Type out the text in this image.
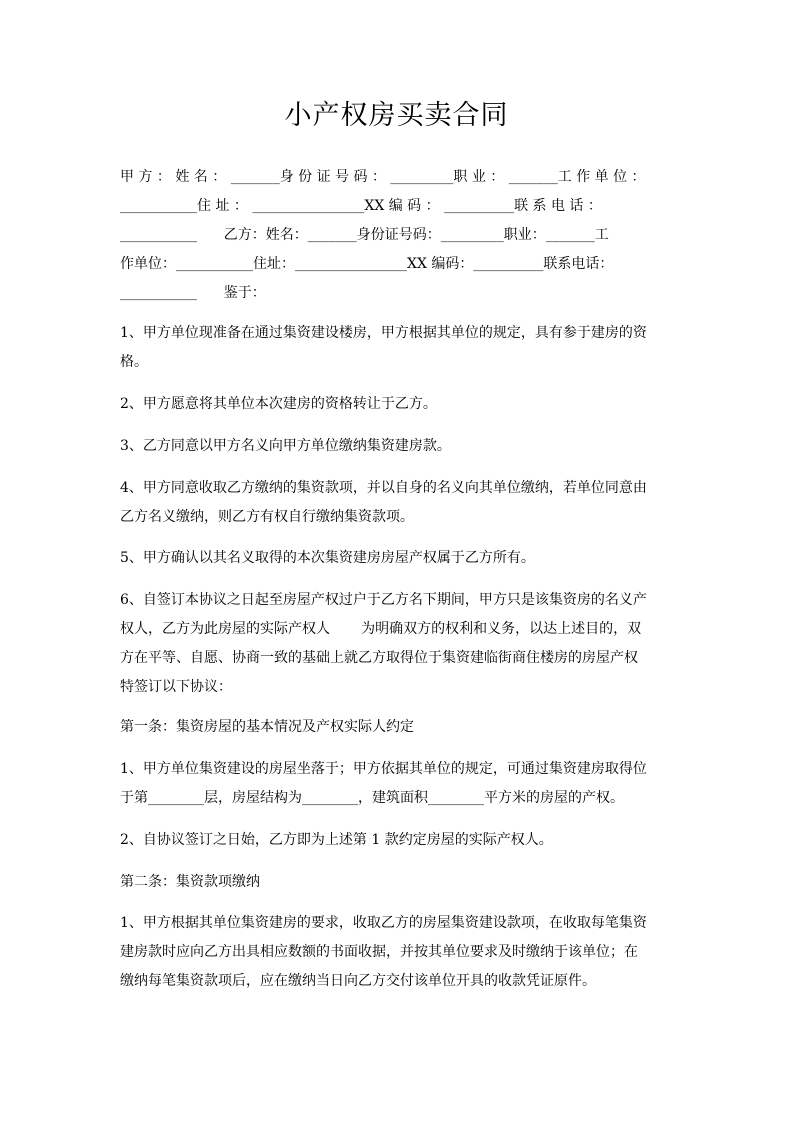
小产权房买卖合同
甲 方 ： 姓 名 ： _______身 份 证 号 码 ： _________职 业 ： _______工 作 单 位 ：
___________住 址 ： ________________XX 编 码 ： __________联 系 电 话 ：
___________      乙方：姓名：_______身份证号码：_________职业：_______工
作单位：___________住址：________________XX 编码：__________联系电话：
___________      鉴于：
1、甲方单位现准备在通过集资建设楼房，甲方根据其单位的规定，具有参于建房的资
格。
2、甲方愿意将其单位本次建房的资格转让于乙方。
3、乙方同意以甲方名义向甲方单位缴纳集资建房款。
4、甲方同意收取乙方缴纳的集资款项，并以自身的名义向其单位缴纳，若单位同意由
乙方名义缴纳，则乙方有权自行缴纳集资款项。
5、甲方确认以其名义取得的本次集资建房房屋产权属于乙方所有。
6、自签订本协议之日起至房屋产权过户于乙方名下期间，甲方只是该集资房的名义产
权人，乙方为此房屋的实际产权人       为明确双方的权利和义务，以达上述目的，双
方在平等、自愿、协商一致的基础上就乙方取得位于集资建临街商住楼房的房屋产权
特签订以下协议：
第一条：集资房屋的基本情况及产权实际人约定
1、甲方单位集资建设的房屋坐落于；甲方依据其单位的规定，可通过集资建房取得位
于第________层，房屋结构为________，建筑面积________平方米的房屋的产权。
2、自协议签订之日始，乙方即为上述第 1 款约定房屋的实际产权人。
第二条：集资款项缴纳
1、甲方根据其单位集资建房的要求，收取乙方的房屋集资建设款项，在收取每笔集资
建房款时应向乙方出具相应数额的书面收据，并按其单位要求及时缴纳于该单位；在
缴纳每笔集资款项后，应在缴纳当日向乙方交付该单位开具的收款凭证原件。
